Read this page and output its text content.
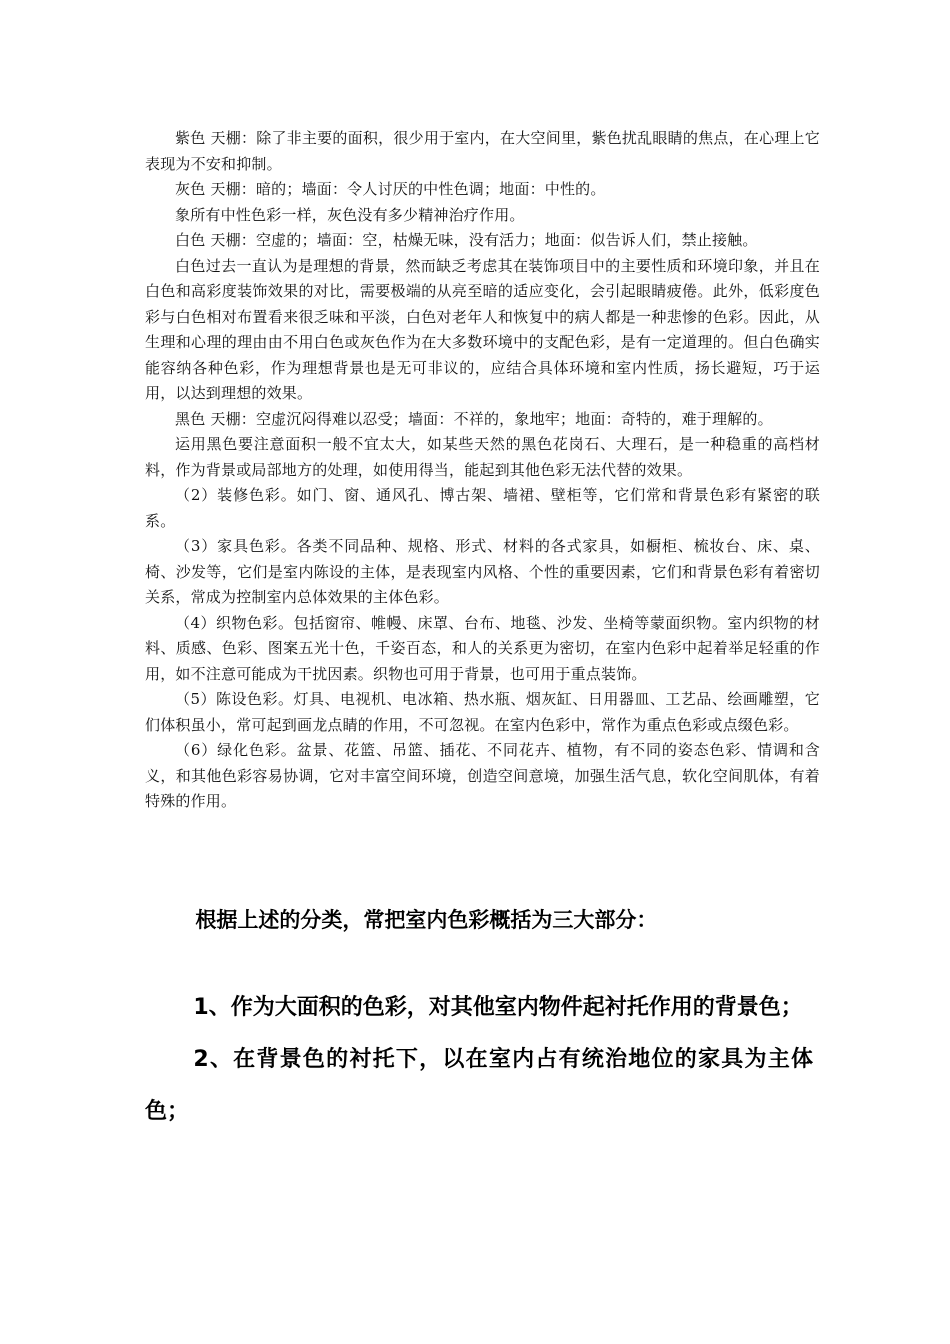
紫色 天棚：除了非主要的面积，很少用于室内，在大空间里，紫色扰乱眼睛的焦点，在心理上它表现为不安和抑制。

灰色 天棚：暗的；墙面：令人讨厌的中性色调；地面：中性的。

象所有中性色彩一样，灰色没有多少精神治疗作用。

白色 天棚：空虚的；墙面：空，枯燥无味，没有活力；地面：似告诉人们，禁止接触。

白色过去一直认为是理想的背景，然而缺乏考虑其在装饰项目中的主要性质和环境印象，并且在白色和高彩度装饰效果的对比，需要极端的从亮至暗的适应变化，会引起眼睛疲倦。此外，低彩度色彩与白色相对布置看来很乏味和平淡，白色对老年人和恢复中的病人都是一种悲惨的色彩。因此，从生理和心理的理由由不用白色或灰色作为在大多数环境中的支配色彩，是有一定道理的。但白色确实能容纳各种色彩，作为理想背景也是无可非议的，应结合具体环境和室内性质，扬长避短，巧于运用，以达到理想的效果。

黑色 天棚：空虚沉闷得难以忍受；墙面：不祥的，象地牢；地面：奇特的，难于理解的。

运用黑色要注意面积一般不宜太大，如某些天然的黑色花岗石、大理石，是一种稳重的高档材料，作为背景或局部地方的处理，如使用得当，能起到其他色彩无法代替的效果。

（2）装修色彩。如门、窗、通风孔、博古架、墙裙、壁柜等，它们常和背景色彩有紧密的联系。

（3）家具色彩。各类不同品种、规格、形式、材料的各式家具，如橱柜、梳妆台、床、桌、椅、沙发等，它们是室内陈设的主体，是表现室内风格、个性的重要因素，它们和背景色彩有着密切关系，常成为控制室内总体效果的主体色彩。

（4）织物色彩。包括窗帘、帷幔、床罩、台布、地毯、沙发、坐椅等蒙面织物。室内织物的材料、质感、色彩、图案五光十色，千姿百态，和人的关系更为密切，在室内色彩中起着举足轻重的作用，如不注意可能成为干扰因素。织物也可用于背景，也可用于重点装饰。

（5）陈设色彩。灯具、电视机、电冰箱、热水瓶、烟灰缸、日用器皿、工艺品、绘画雕塑，它们体积虽小，常可起到画龙点睛的作用，不可忽视。在室内色彩中，常作为重点色彩或点缀色彩。

（6）绿化色彩。盆景、花篮、吊篮、插花、不同花卉、植物，有不同的姿态色彩、情调和含义，和其他色彩容易协调，它对丰富空间环境，创造空间意境，加强生活气息，软化空间肌体，有着特殊的作用。

根据上述的分类，常把室内色彩概括为三大部分：

1、作为大面积的色彩，对其他室内物件起衬托作用的背景色；

2、在背景色的衬托下，以在室内占有统治地位的家具为主体色；
